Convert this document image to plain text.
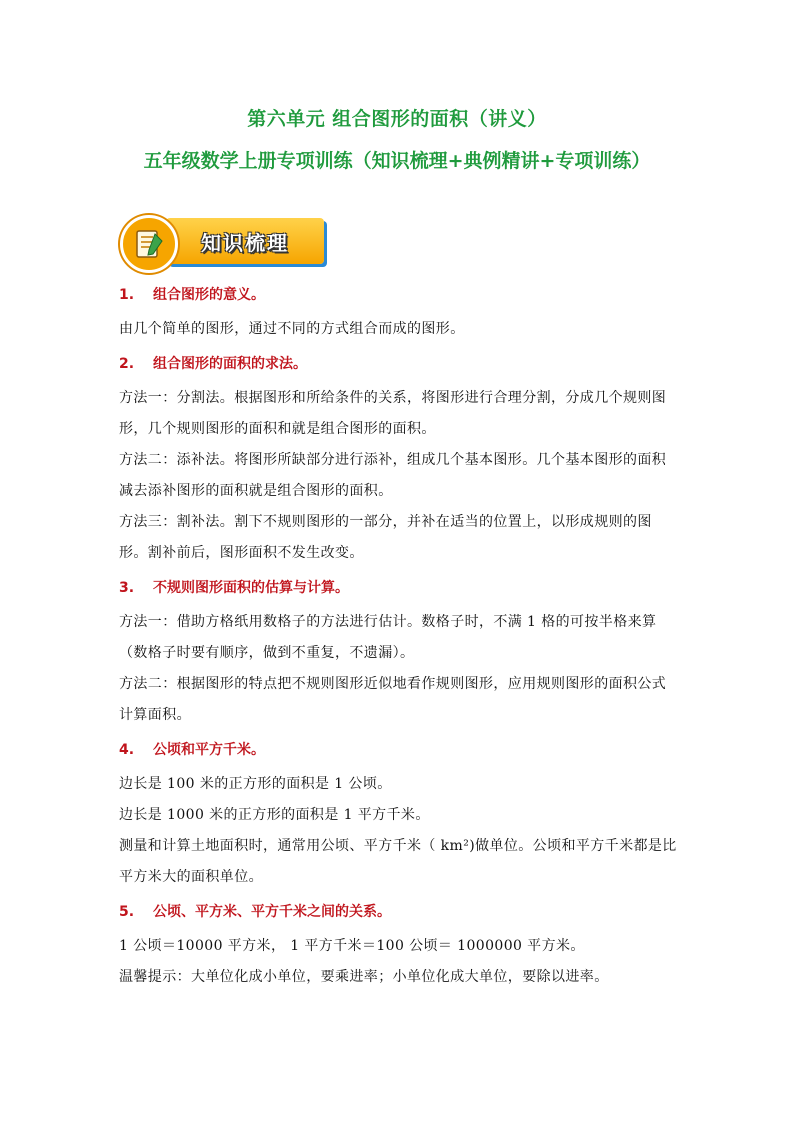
第六单元 组合图形的面积（讲义）
五年级数学上册专项训练（知识梳理+典例精讲+专项训练）
知识梳理
1. 组合图形的意义。

由几个简单的图形，通过不同的方式组合而成的图形。

2. 组合图形的面积的求法。

方法一：分割法。根据图形和所给条件的关系，将图形进行合理分割，分成几个规则图形，几个规则图形的面积和就是组合图形的面积。

方法二：添补法。将图形所缺部分进行添补，组成几个基本图形。几个基本图形的面积减去添补图形的面积就是组合图形的面积。

方法三：割补法。割下不规则图形的一部分，并补在适当的位置上，以形成规则的图形。割补前后，图形面积不发生改变。

3. 不规则图形面积的估算与计算。

方法一：借助方格纸用数格子的方法进行估计。数格子时，不满 1 格的可按半格来算（数格子时要有顺序，做到不重复，不遗漏）。

方法二：根据图形的特点把不规则图形近似地看作规则图形，应用规则图形的面积公式计算面积。

4. 公顷和平方千米。

边长是 100 米的正方形的面积是 1 公顷。

边长是 1000 米的正方形的面积是 1 平方千米。

测量和计算土地面积时，通常用公顷、平方千米（ km²)做单位。公顷和平方千米都是比平方米大的面积单位。

5. 公顷、平方米、平方千米之间的关系。

1 公顷＝10000 平方米， 1 平方千米＝100 公顷＝ 1000000 平方米。

温馨提示：大单位化成小单位，要乘进率；小单位化成大单位，要除以进率。
